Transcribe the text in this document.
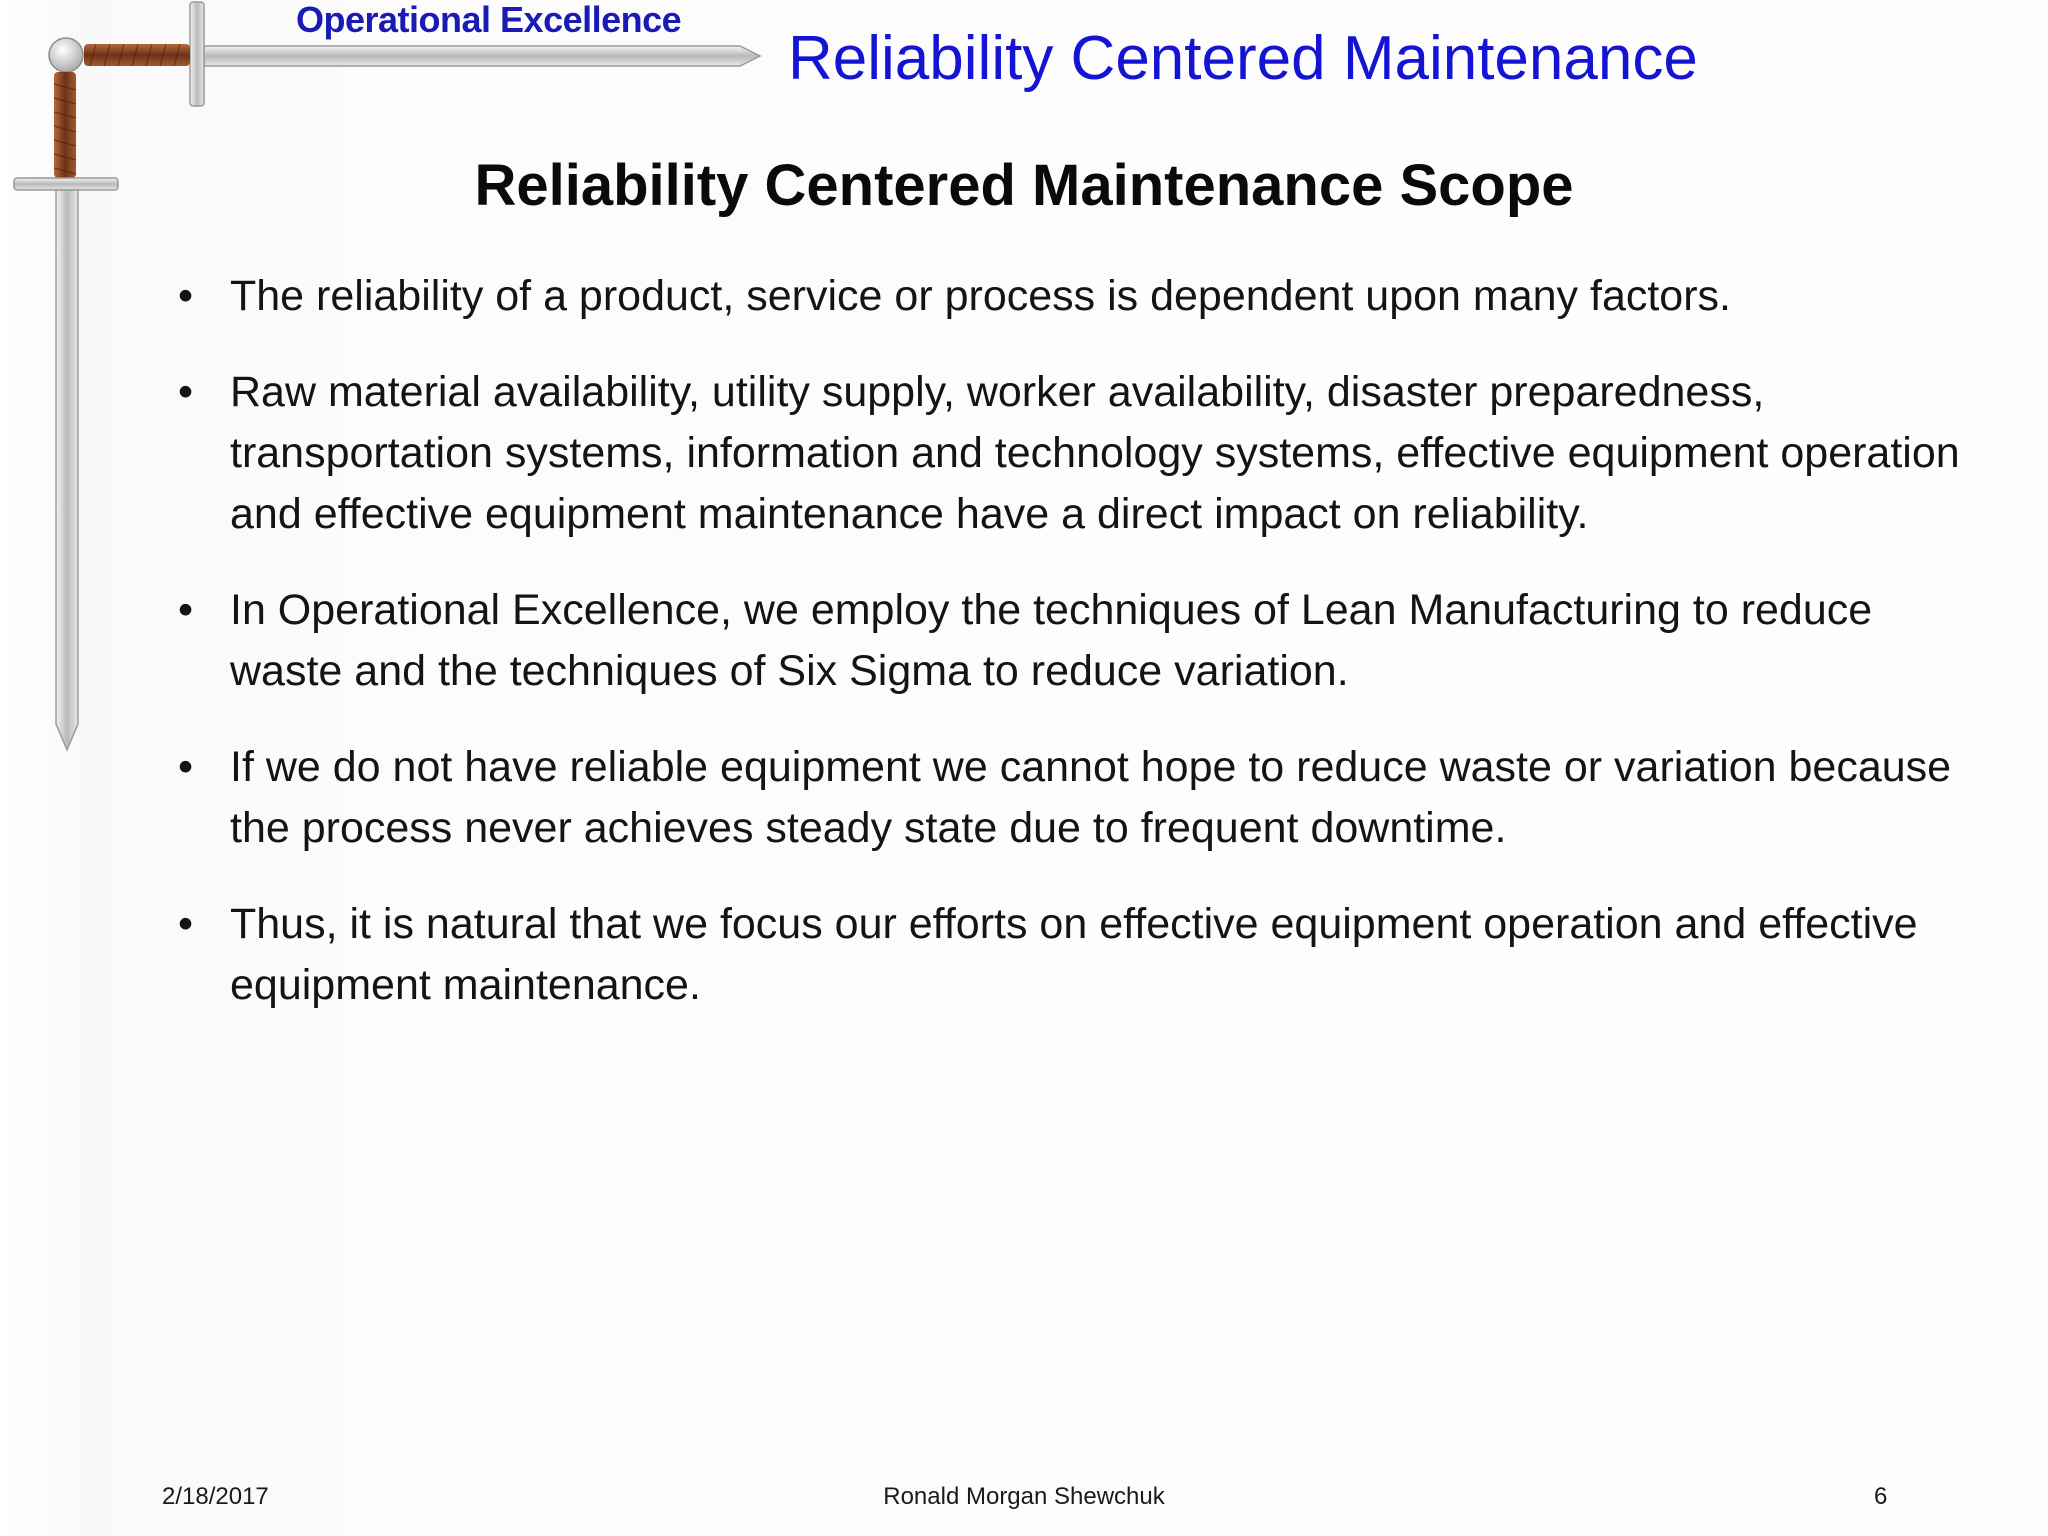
Operational Excellence
Reliability Centered Maintenance
Reliability Centered Maintenance Scope
• The reliability of a product, service or process is dependent upon many factors.
• Raw material availability, utility supply, worker availability, disaster preparedness, transportation systems, information and technology systems, effective equipment operation and effective equipment maintenance have a direct impact on reliability.
• In Operational Excellence, we employ the techniques of Lean Manufacturing to reduce waste and the techniques of Six Sigma to reduce variation.
• If we do not have reliable equipment we cannot hope to reduce waste or variation because the process never achieves steady state due to frequent downtime.
• Thus, it is natural that we focus our efforts on effective equipment operation and effective equipment maintenance.
2/18/2017	Ronald Morgan Shewchuk	6
